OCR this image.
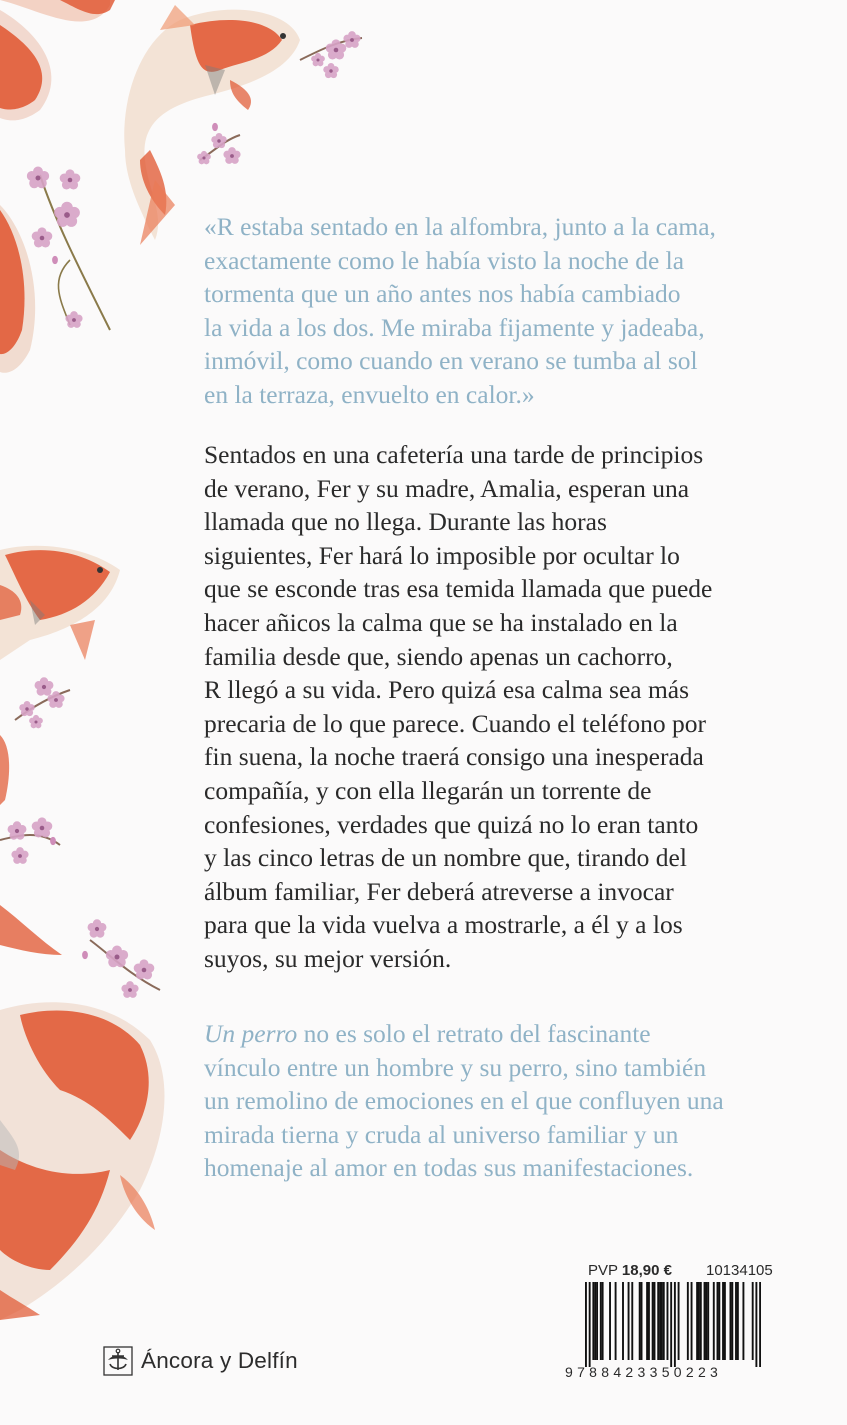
«R estaba sentado en la alfombra, junto a la cama,
exactamente como le había visto la noche de la
tormenta que un año antes nos había cambiado
la vida a los dos. Me miraba fijamente y jadeaba,
inmóvil, como cuando en verano se tumba al sol
en la terraza, envuelto en calor.»

Sentados en una cafetería una tarde de principios
de verano, Fer y su madre, Amalia, esperan una
llamada que no llega. Durante las horas
siguientes, Fer hará lo imposible por ocultar lo
que se esconde tras esa temida llamada que puede
hacer añicos la calma que se ha instalado en la
familia desde que, siendo apenas un cachorro,
R llegó a su vida. Pero quizá esa calma sea más
precaria de lo que parece. Cuando el teléfono por
fin suena, la noche traerá consigo una inesperada
compañía, y con ella llegarán un torrente de
confesiones, verdades que quizá no lo eran tanto
y las cinco letras de un nombre que, tirando del
álbum familiar, Fer deberá atreverse a invocar
para que la vida vuelva a mostrarle, a él y a los
suyos, su mejor versión.

Un perro no es solo el retrato del fascinante
vínculo entre un hombre y su perro, sino también
un remolino de emociones en el que confluyen una
mirada tierna y cruda al universo familiar y un
homenaje al amor en todas sus manifestaciones.

PVP 18,90 € 10134105
9788423350223
Áncora y Delfín
